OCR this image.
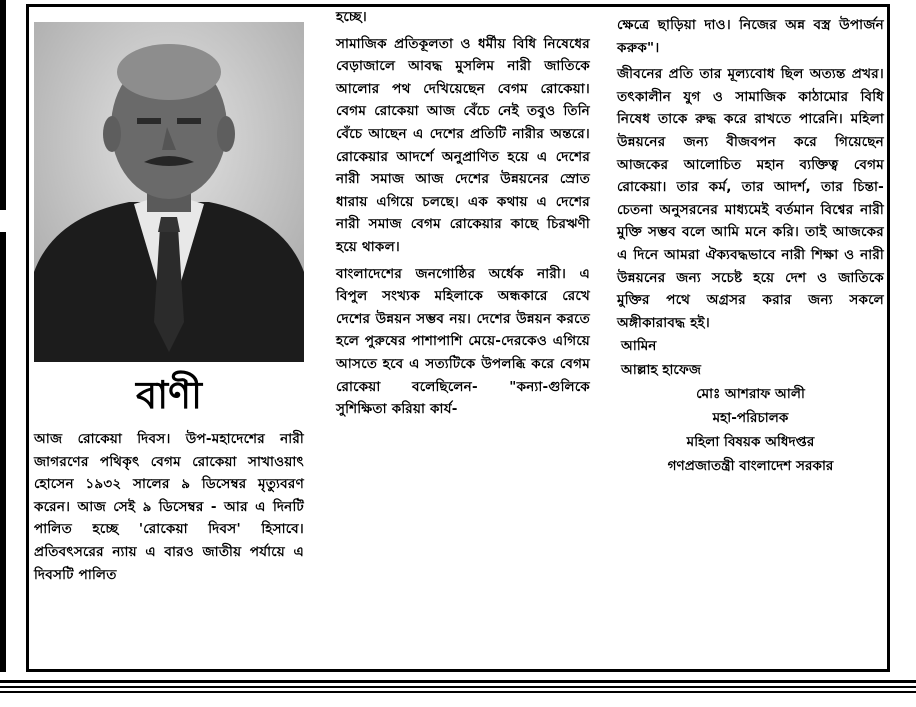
বাণী

আজ রোকেয়া দিবস। উপ-মহাদেশের নারী জাগরণের পথিকৃৎ বেগম রোকেয়া সাখাওয়াৎ হোসেন ১৯৩২ সালের ৯ ডিসেম্বর মৃত্যুবরণ করেন। আজ সেই ৯ ডিসেম্বর - আর এ দিনটি পালিত হচ্ছে 'রোকেয়া দিবস' হিসাবে। প্রতিবৎসরের ন্যায় এ বারও জাতীয় পর্যায়ে এ দিবসটি পালিত

হচ্ছে।

সামাজিক প্রতিকূলতা ও ধর্মীয় বিধি নিষেধের বেড়াজালে আবদ্ধ মুসলিম নারী জাতিকে আলোর পথ দেখিয়েছেন বেগম রোকেয়া। বেগম রোকেয়া আজ বেঁচে নেই তবুও তিনি বেঁচে আছেন এ দেশের প্রতিটি নারীর অন্তরে। রোকেয়ার আদর্শে অনুপ্রাণিত হয়ে এ দেশের নারী সমাজ আজ দেশের উন্নয়নের স্রোত ধারায় এগিয়ে চলছে। এক কথায় এ দেশের নারী সমাজ বেগম রোকেয়ার কাছে চিরঋণী হয়ে থাকল।

বাংলাদেশের জনগোষ্ঠির অর্ধেক নারী। এ বিপুল সংখ্যক মহিলাকে অন্ধকারে রেখে দেশের উন্নয়ন সম্ভব নয়। দেশের উন্নয়ন করতে হলে পুরুষের পাশাপাশি মেয়ে-দেরকেও এগিয়ে আসতে হবে এ সত্যটিকে উপলব্ধি করে বেগম রোকেয়া বলেছিলেন- "কন্যা-গুলিকে সুশিক্ষিতা করিয়া কার্য-

ক্ষেত্রে ছাড়িয়া দাও। নিজের অন্ন বস্ত্র উপার্জন করুক"।

জীবনের প্রতি তার মূল্যবোধ ছিল অত্যন্ত প্রখর। তৎকালীন যুগ ও সামাজিক কাঠামোর বিধি নিষেধ তাকে রুদ্ধ করে রাখতে পারেনি। মহিলা উন্নয়নের জন্য বীজবপন করে গিয়েছেন আজকের আলোচিত মহান ব্যক্তিত্ব বেগম রোকেয়া। তার কর্ম, তার আদর্শ, তার চিন্তা-চেতনা অনুসরনের মাধ্যমেই বর্তমান বিশ্বের নারী মুক্তি সম্ভব বলে আমি মনে করি। তাই আজকের এ দিনে আমরা ঐক্যবদ্ধভাবে নারী শিক্ষা ও নারী উন্নয়নের জন্য সচেষ্ট হয়ে দেশ ও জাতিকে মুক্তির পথে অগ্রসর করার জন্য সকলে অঙ্গীকারাবদ্ধ হই।

আমিন
আল্লাহ হাফেজ
মোঃ আশরাফ আলী
মহা-পরিচালক
মহিলা বিষয়ক অধিদপ্তর
গণপ্রজাতন্ত্রী বাংলাদেশ সরকার
